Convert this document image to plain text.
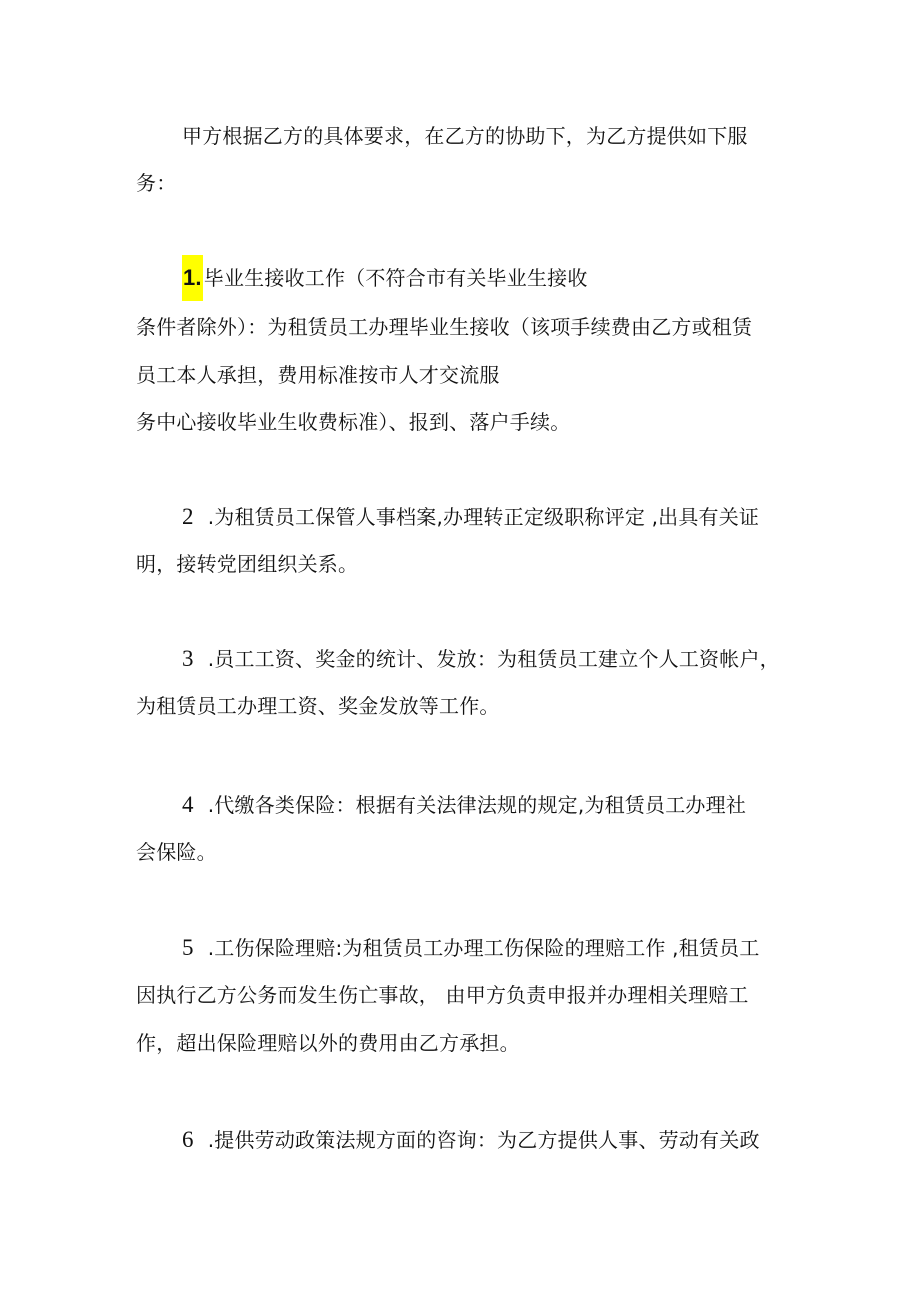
甲方根据乙方的具体要求，在乙方的协助下，为乙方提供如下服
务：
1. 毕业生接收工作（不符合市有关毕业生接收
条件者除外）：为租赁员工办理毕业生接收（该项手续费由乙方或租赁
员工本人承担，费用标准按市人才交流服
务中心接收毕业生收费标准）、报到、落户手续。
2 .为租赁员工保管人事档案,办理转正定级职称评定 ,出具有关证
明，接转党团组织关系。
3 .员工工资、奖金的统计、发放：为租赁员工建立个人工资帐户，
为租赁员工办理工资、奖金发放等工作。
4 .代缴各类保险：根据有关法律法规的规定,为租赁员工办理社
会保险。
5 .工伤保险理赔:为租赁员工办理工伤保险的理赔工作 ,租赁员工
因执行乙方公务而发生伤亡事故， 由甲方负责申报并办理相关理赔工
作，超出保险理赔以外的费用由乙方承担。
6 .提供劳动政策法规方面的咨询：为乙方提供人事、劳动有关政
